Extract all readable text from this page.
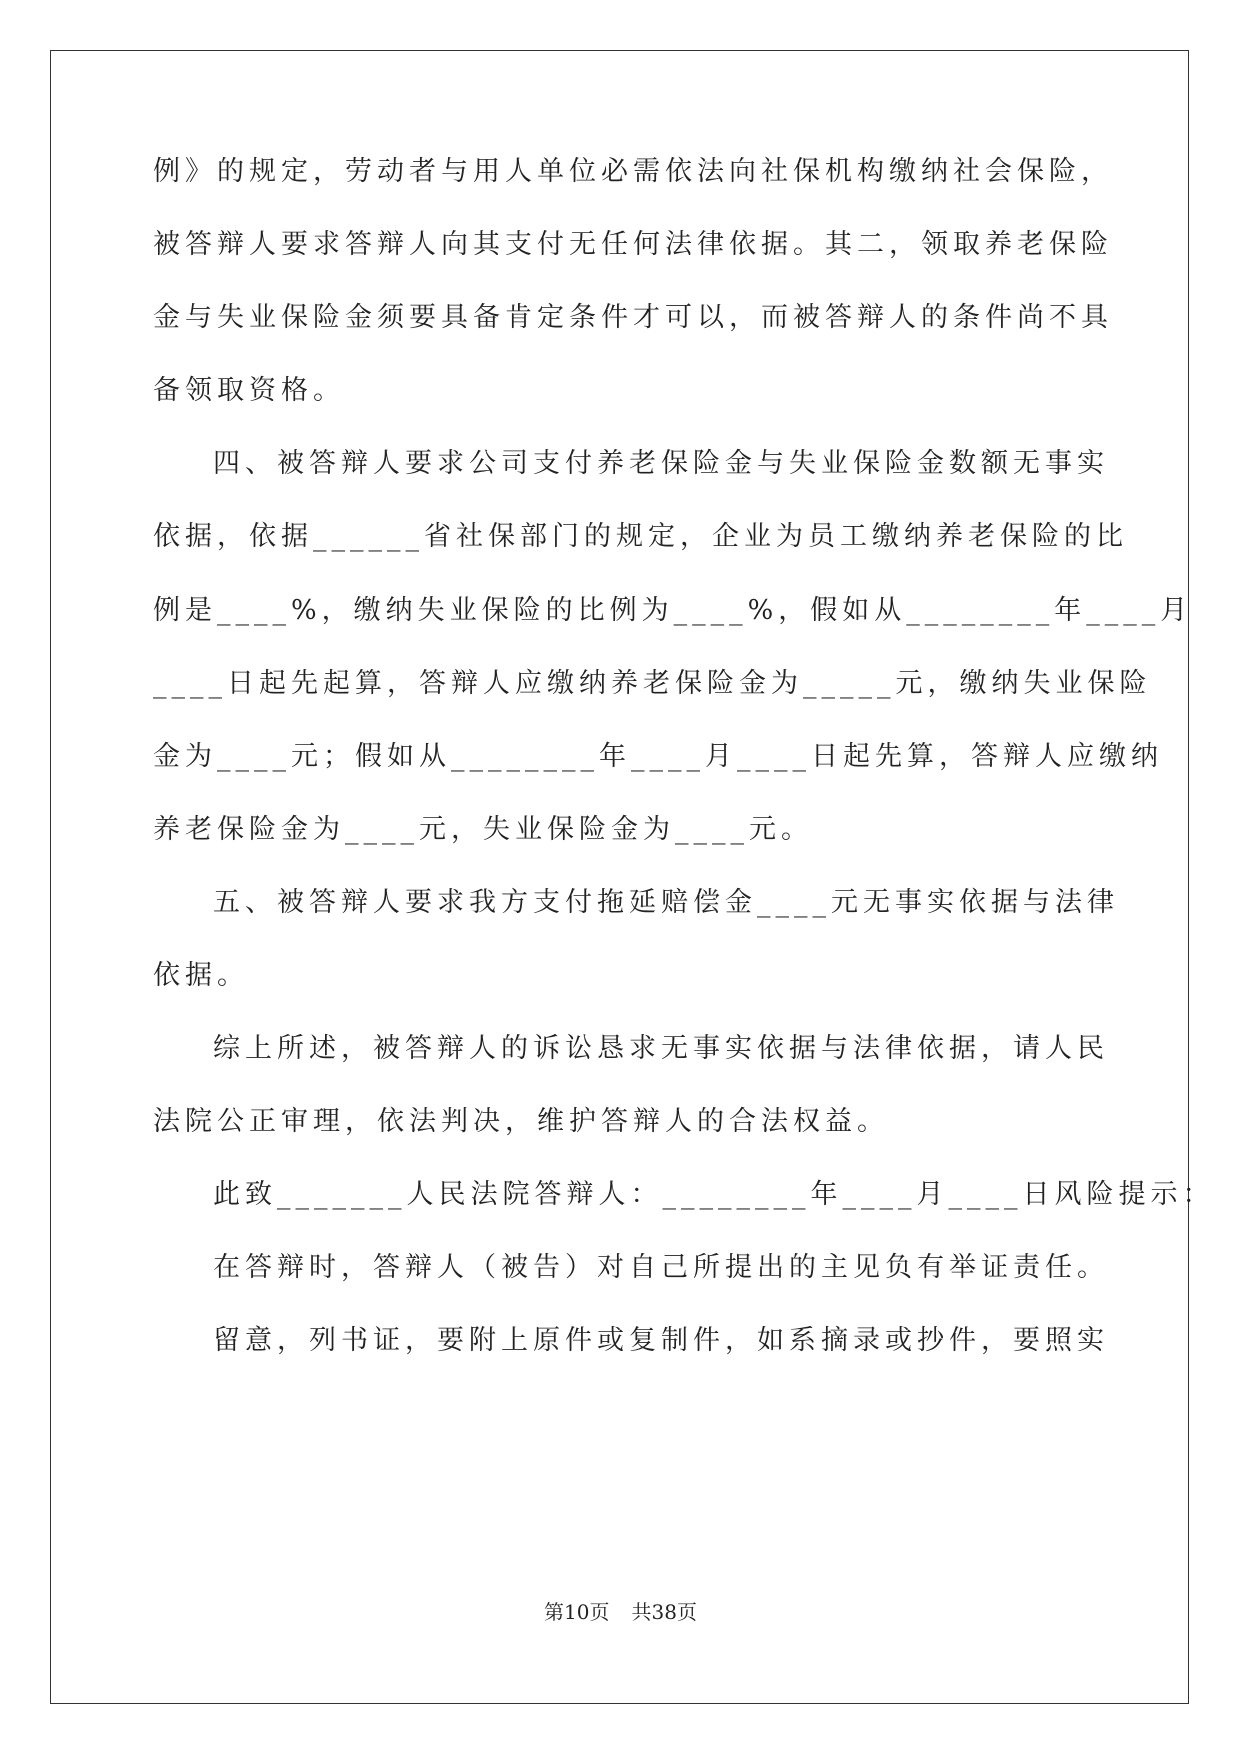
例》的规定，劳动者与用人单位必需依法向社保机构缴纳社会保险，
被答辩人要求答辩人向其支付无任何法律依据。其二，领取养老保险
金与失业保险金须要具备肯定条件才可以，而被答辩人的条件尚不具
备领取资格。
四、被答辩人要求公司支付养老保险金与失业保险金数额无事实
依据，依据______省社保部门的规定，企业为员工缴纳养老保险的比
例是____%，缴纳失业保险的比例为____%，假如从________年____月
____日起先起算，答辩人应缴纳养老保险金为_____元，缴纳失业保险
金为____元；假如从________年____月____日起先算，答辩人应缴纳
养老保险金为____元，失业保险金为____元。
五、被答辩人要求我方支付拖延赔偿金____元无事实依据与法律
依据。
综上所述，被答辩人的诉讼恳求无事实依据与法律依据，请人民
法院公正审理，依法判决，维护答辩人的合法权益。
此致_______人民法院答辩人：________年____月____日风险提示：
在答辩时，答辩人（被告）对自己所提出的主见负有举证责任。
留意，列书证，要附上原件或复制件，如系摘录或抄件，要照实
第10页 共38页
